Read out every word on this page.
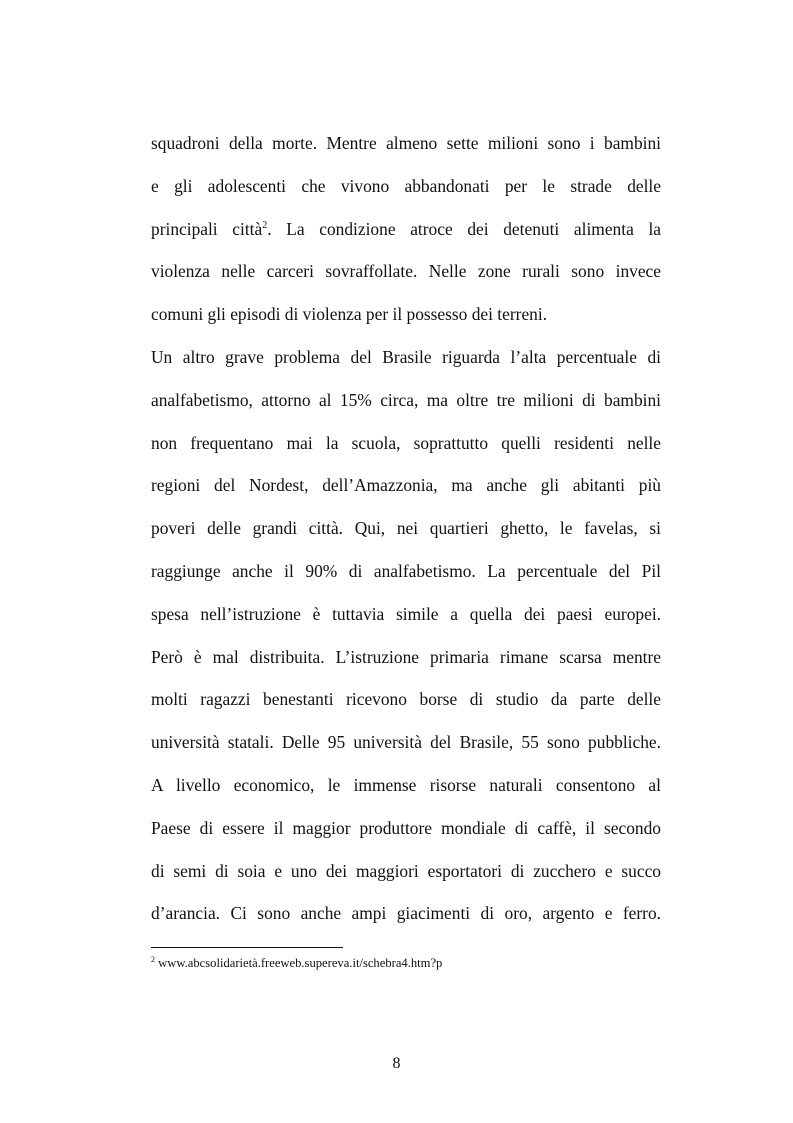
squadroni della morte. Mentre almeno sette milioni sono i bambini
e gli adolescenti che vivono abbandonati per le strade delle
principali città$^2$. La condizione atroce dei detenuti alimenta la
violenza nelle carceri sovraffollate. Nelle zone rurali sono invece
comuni gli episodi di violenza per il possesso dei terreni.
Un altro grave problema del Brasile riguarda l’alta percentuale di
analfabetismo, attorno al 15% circa, ma oltre tre milioni di bambini
non frequentano mai la scuola, soprattutto quelli residenti nelle
regioni del Nordest, dell’Amazzonia, ma anche gli abitanti più
poveri delle grandi città. Qui, nei quartieri ghetto, le favelas, si
raggiunge anche il 90% di analfabetismo. La percentuale del Pil
spesa nell’istruzione è tuttavia simile a quella dei paesi europei.
Però è mal distribuita. L’istruzione primaria rimane scarsa mentre
molti ragazzi benestanti ricevono borse di studio da parte delle
università statali. Delle 95 università del Brasile, 55 sono pubbliche.
A livello economico, le immense risorse naturali consentono al
Paese di essere il maggior produttore mondiale di caffè, il secondo
di semi di soia e uno dei maggiori esportatori di zucchero e succo
d’arancia. Ci sono anche ampi giacimenti di oro, argento e ferro.
$^2$ www.abcsolidarietà.freeweb.supereva.it/schebra4.htm?p
8
